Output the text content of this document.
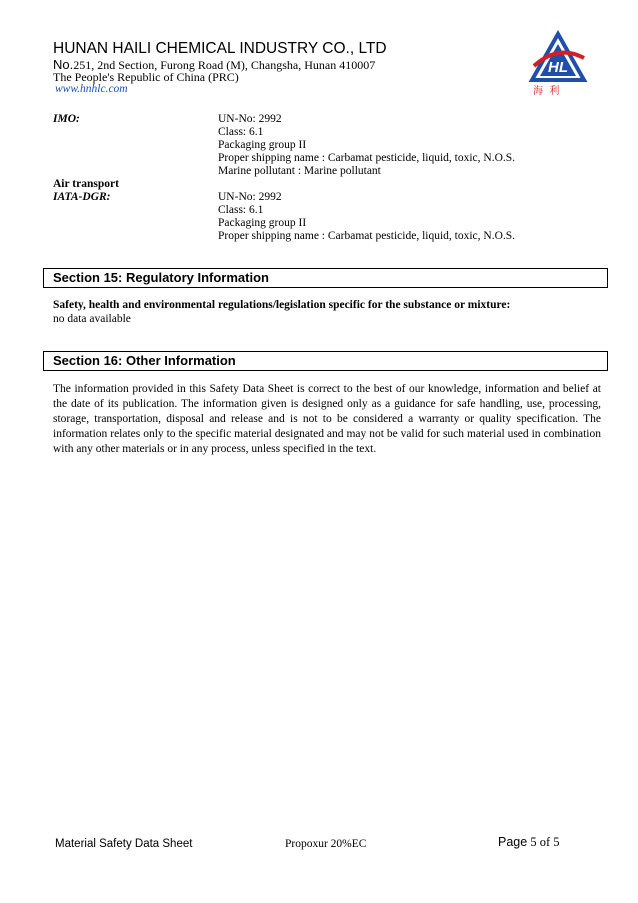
HUNAN HAILI CHEMICAL INDUSTRY CO., LTD
No.251, 2nd Section, Furong Road (M), Changsha, Hunan 410007
The People's Republic of China (PRC)
www.hnhlc.com
HL
海  利
IMO:	UN-No: 2992
Class: 6.1
Packaging group II
Proper shipping name : Carbamat pesticide, liquid, toxic, N.O.S.
Marine pollutant : Marine pollutant
Air transport
IATA-DGR:	UN-No: 2992
Class: 6.1
Packaging group II
Proper shipping name : Carbamat pesticide, liquid, toxic, N.O.S.
Section 15: Regulatory Information
Safety, health and environmental regulations/legislation specific for the substance or mixture:
no data available
Section 16: Other Information
The information provided in this Safety Data Sheet is correct to the best of our knowledge, information and belief at the date of its publication. The information given is designed only as a guidance for safe handling, use, processing, storage, transportation, disposal and release and is not to be considered a warranty or quality specification. The information relates only to the specific material designated and may not be valid for such material used in combination with any other materials or in any process, unless specified in the text.
Material Safety Data Sheet	Propoxur 20%EC	Page 5 of 5
